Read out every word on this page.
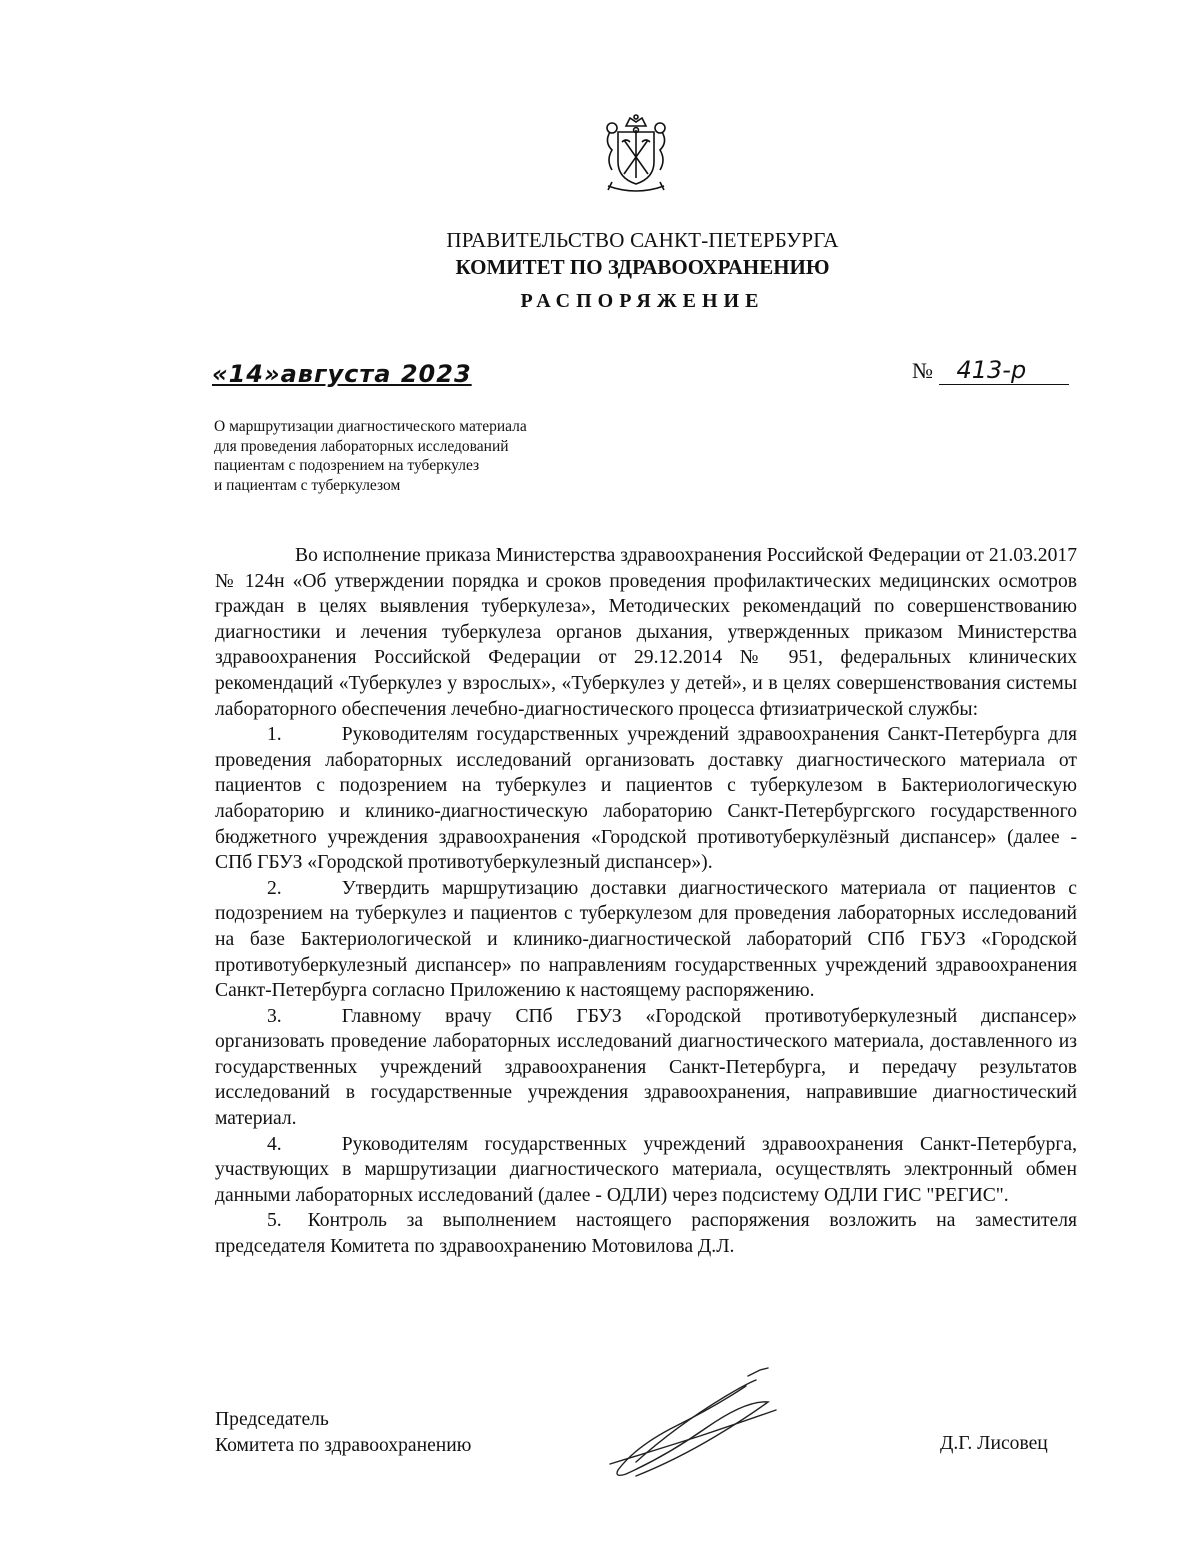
ПРАВИТЕЛЬСТВО САНКТ-ПЕТЕРБУРГА
КОМИТЕТ ПО ЗДРАВООХРАНЕНИЮ
РАСПОРЯЖЕНИЕ
«14»августа 2023	№ 413-р
О маршрутизации диагностического материала
для проведения лабораторных исследований
пациентам с подозрением на туберкулез
и пациентам с туберкулезом

Во исполнение приказа Министерства здравоохранения Российской Федерации от 21.03.2017 № 124н «Об утверждении порядка и сроков проведения профилактических медицинских осмотров граждан в целях выявления туберкулеза», Методических рекомендаций по совершенствованию диагностики и лечения туберкулеза органов дыхания, утвержденных приказом Министерства здравоохранения Российской Федерации от 29.12.2014 № 951, федеральных клинических рекомендаций «Туберкулез у взрослых», «Туберкулез у детей», и в целях совершенствования системы лабораторного обеспечения лечебно-диагностического процесса фтизиатрической службы:

1.	Руководителям государственных учреждений здравоохранения Санкт-Петербурга для проведения лабораторных исследований организовать доставку диагностического материала от пациентов с подозрением на туберкулез и пациентов с туберкулезом в Бактериологическую лабораторию и клинико-диагностическую лабораторию Санкт-Петербургского государственного бюджетного учреждения здравоохранения «Городской противотуберкулёзный диспансер» (далее - СПб ГБУЗ «Городской противотуберкулезный диспансер»).

2.	Утвердить маршрутизацию доставки диагностического материала от пациентов с подозрением на туберкулез и пациентов с туберкулезом для проведения лабораторных исследований на базе Бактериологической и клинико-диагностической лабораторий СПб ГБУЗ «Городской противотуберкулезный диспансер» по направлениям государственных учреждений здравоохранения Санкт-Петербурга согласно Приложению к настоящему распоряжению.

3.	Главному врачу СПб ГБУЗ «Городской противотуберкулезный диспансер» организовать проведение лабораторных исследований диагностического материала, доставленного из государственных учреждений здравоохранения Санкт-Петербурга, и передачу результатов исследований в государственные учреждения здравоохранения, направившие диагностический материал.

4.	Руководителям государственных учреждений здравоохранения Санкт-Петербурга, участвующих в маршрутизации диагностического материала, осуществлять электронный обмен данными лабораторных исследований (далее - ОДЛИ) через подсистему ОДЛИ ГИС "РЕГИС".

5. Контроль за выполнением настоящего распоряжения возложить на заместителя председателя Комитета по здравоохранению Мотовилова Д.Л.

Председатель
Комитета по здравоохранению	Д.Г. Лисовец
